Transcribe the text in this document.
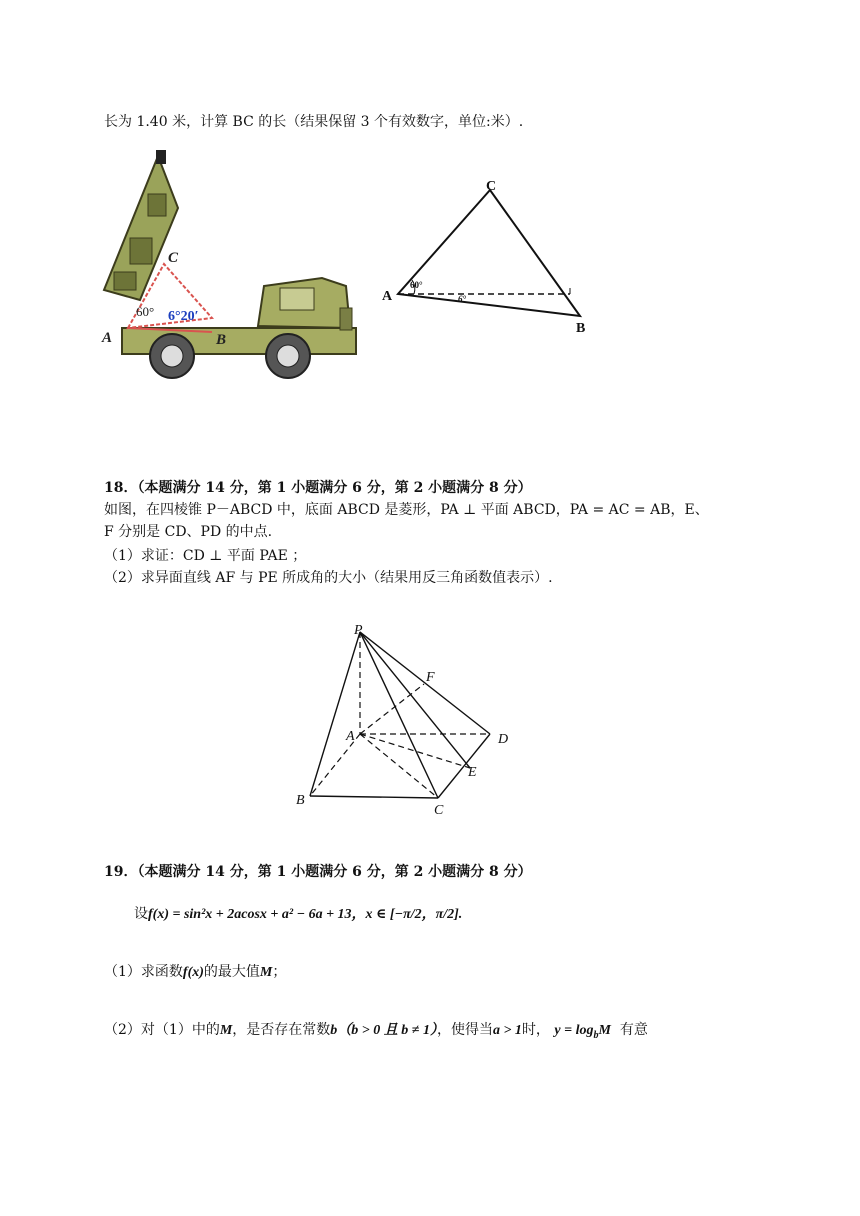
长为 1.40 米，计算 BC 的长（结果保留 3 个有效数字，单位:米）.
C
A	B
60° 6°20′
C
A
B
60°
6°
18．（本题满分 14 分，第 1 小题满分 6 分，第 2 小题满分 8 分）
如图，在四棱锥 P－ABCD 中，底面 ABCD 是菱形，PA ⊥ 平面 ABCD，PA = AC = AB，E、
F 分别是 CD、PD 的中点.
（1）求证：CD ⊥ 平面 PAE ；
（2）求异面直线 AF 与 PE 所成角的大小（结果用反三角函数值表示）.
P
F
A	D
E
B
C
19．（本题满分 14 分，第 1 小题满分 6 分，第 2 小题满分 8 分）
设f(x) = sin²x + 2acosx + a² − 6a + 13，x ∈ [−π/2，π/2].
（1）求函数f(x)的最大值M；
（2）对（1）中的M，是否存在常数b（b > 0 且 b ≠ 1），使得当a > 1时， $y = \log_bM$ 有意
